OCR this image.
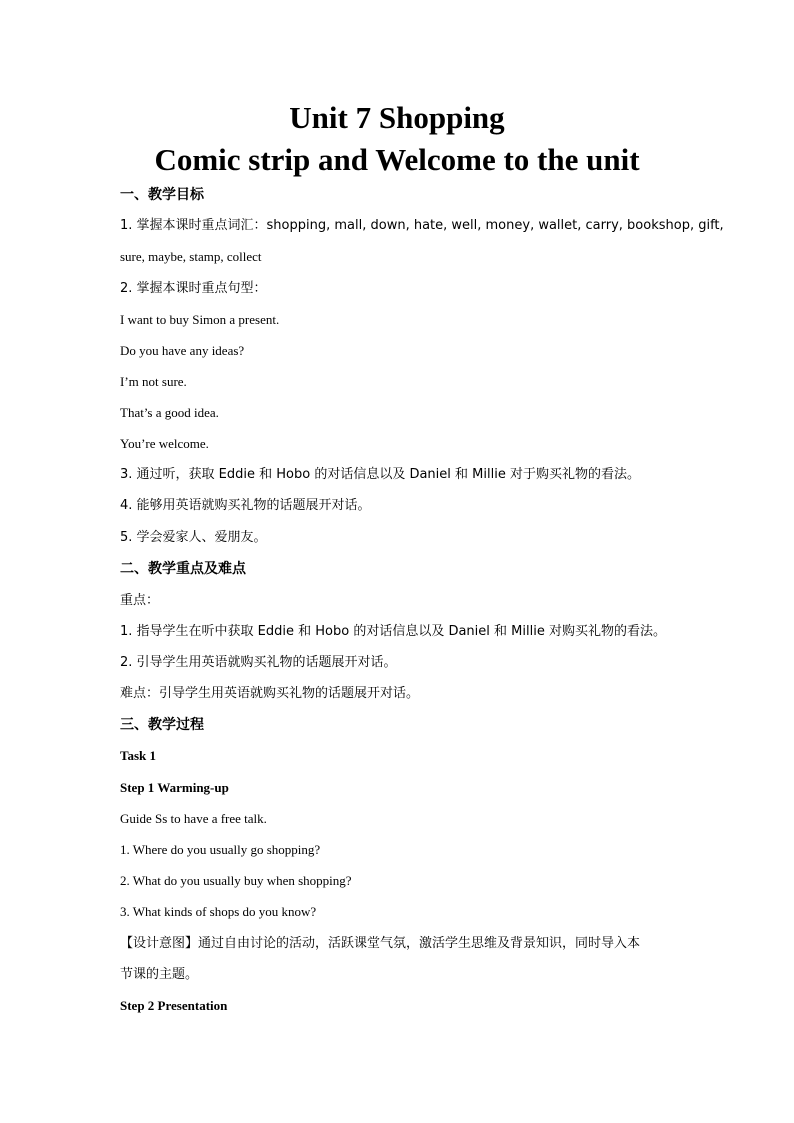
Unit 7 Shopping
Comic strip and Welcome to the unit
一、教学目标
1. 掌握本课时重点词汇：shopping, mall, down, hate, well, money, wallet, carry, bookshop, gift,
sure, maybe, stamp, collect
2. 掌握本课时重点句型：
I want to buy Simon a present.
Do you have any ideas?
I’m not sure.
That’s a good idea.
You’re welcome.
3. 通过听，获取 Eddie 和 Hobo 的对话信息以及 Daniel 和 Millie 对于购买礼物的看法。
4. 能够用英语就购买礼物的话题展开对话。
5. 学会爱家人、爱朋友。
二、教学重点及难点
重点：
1. 指导学生在听中获取 Eddie 和 Hobo 的对话信息以及 Daniel 和 Millie 对购买礼物的看法。
2. 引导学生用英语就购买礼物的话题展开对话。
难点：引导学生用英语就购买礼物的话题展开对话。
三、教学过程
Task 1
Step 1 Warming-up
Guide Ss to have a free talk.
1. Where do you usually go shopping?
2. What do you usually buy when shopping?
3. What kinds of shops do you know?
【设计意图】通过自由讨论的活动，活跃课堂气氛，激活学生思维及背景知识，同时导入本
节课的主题。
Step 2 Presentation
